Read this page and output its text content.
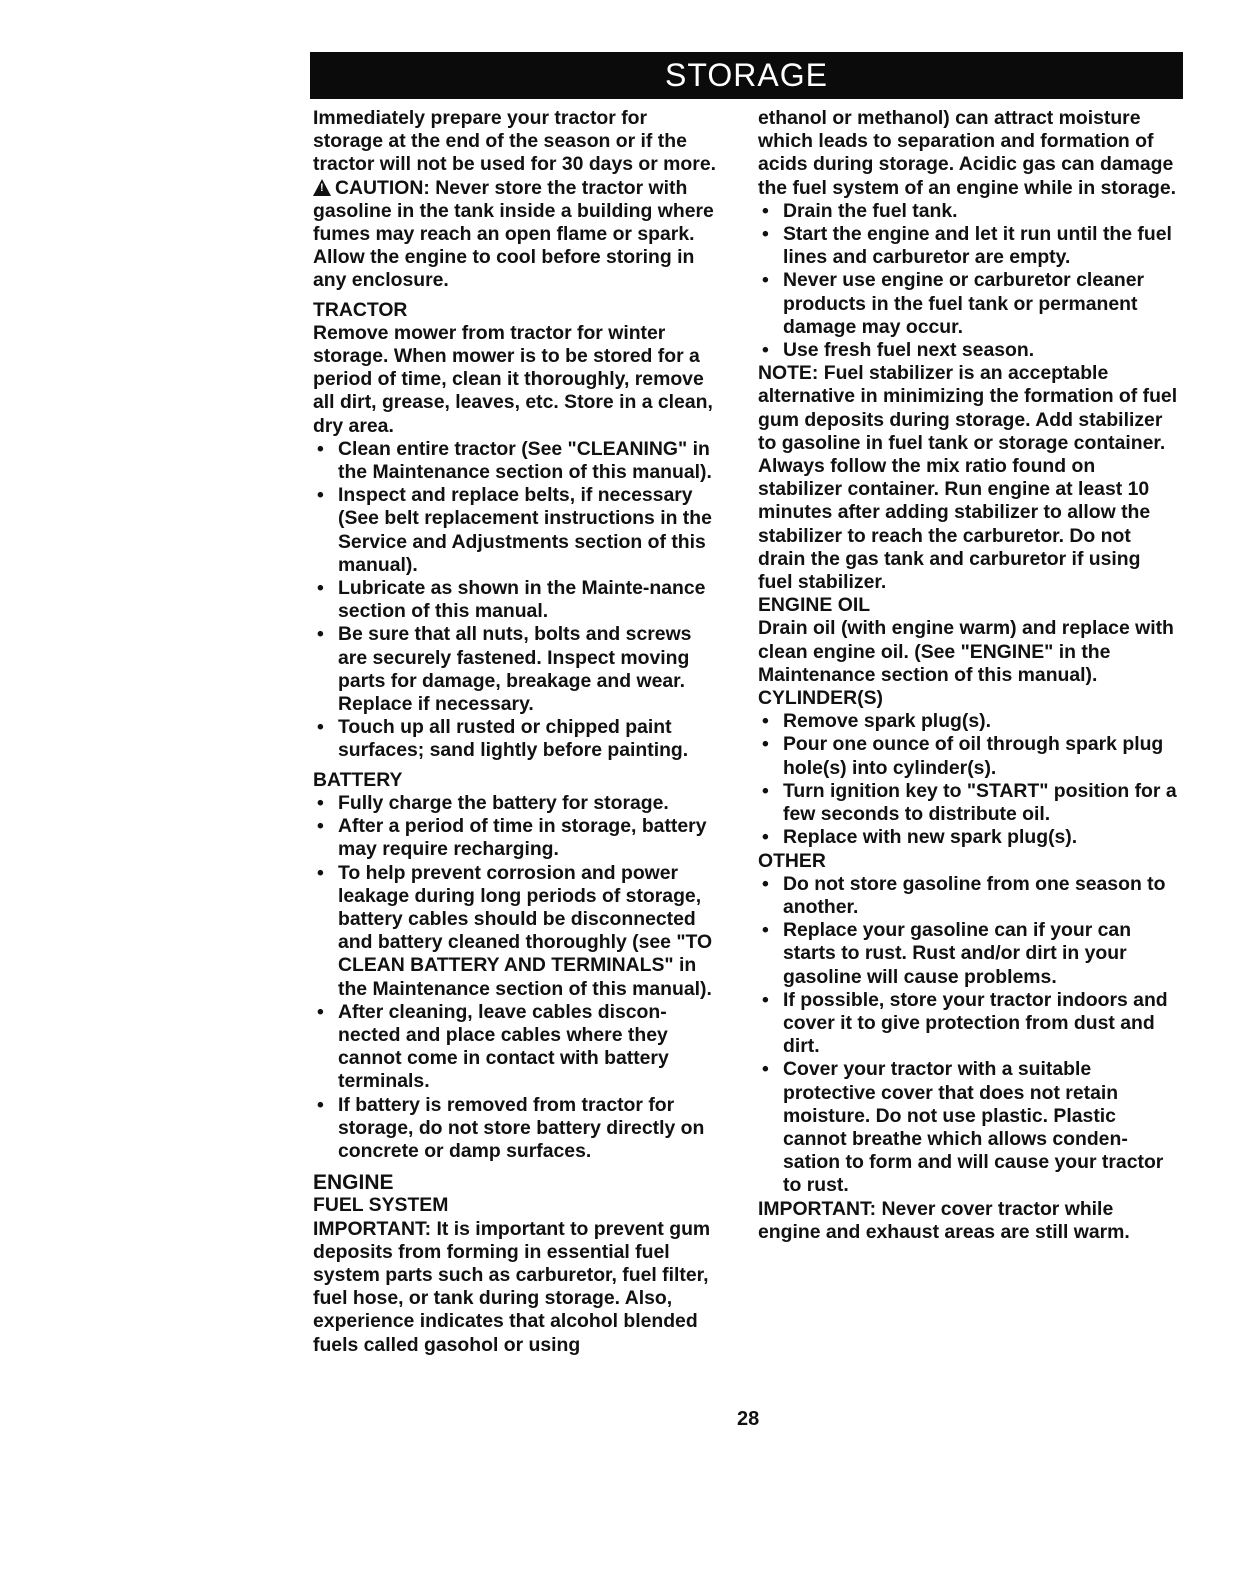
STORAGE

Immediately prepare your tractor for storage at the end of the season or if the tractor will not be used for 30 days or more.

! CAUTION: Never store the tractor with gasoline in the tank inside a building where fumes may reach an open flame or spark. Allow the engine to cool before storing in any enclosure.

TRACTOR

Remove mower from tractor for winter storage. When mower is to be stored for a period of time, clean it thoroughly, remove all dirt, grease, leaves, etc. Store in a clean, dry area.

• Clean entire tractor (See "CLEANING" in the Maintenance section of this manual).
• Inspect and replace belts, if necessary (See belt replacement instructions in the Service and Adjustments section of this manual).
• Lubricate as shown in the Mainte-nance section of this manual.
• Be sure that all nuts, bolts and screws are securely fastened. Inspect moving parts for damage, breakage and wear. Replace if necessary.
• Touch up all rusted or chipped paint surfaces; sand lightly before painting.

BATTERY

• Fully charge the battery for storage.
• After a period of time in storage, battery may require recharging.
• To help prevent corrosion and power leakage during long periods of storage, battery cables should be disconnected and battery cleaned thoroughly (see "TO CLEAN BATTERY AND TERMINALS" in the Maintenance section of this manual).
• After cleaning, leave cables discon-nected and place cables where they cannot come in contact with battery terminals.
• If battery is removed from tractor for storage, do not store battery directly on concrete or damp surfaces.

ENGINE

FUEL SYSTEM

IMPORTANT: It is important to prevent gum deposits from forming in essential fuel system parts such as carburetor, fuel filter, fuel hose, or tank during storage. Also, experience indicates that alcohol blended fuels called gasohol or using

ethanol or methanol) can attract moisture which leads to separation and formation of acids during storage. Acidic gas can damage the fuel system of an engine while in storage.

• Drain the fuel tank.
• Start the engine and let it run until the fuel lines and carburetor are empty.
• Never use engine or carburetor cleaner products in the fuel tank or permanent damage may occur.
• Use fresh fuel next season.

NOTE: Fuel stabilizer is an acceptable alternative in minimizing the formation of fuel gum deposits during storage. Add stabilizer to gasoline in fuel tank or storage container. Always follow the mix ratio found on stabilizer container. Run engine at least 10 minutes after adding stabilizer to allow the stabilizer to reach the carburetor. Do not drain the gas tank and carburetor if using fuel stabilizer.

ENGINE OIL

Drain oil (with engine warm) and replace with clean engine oil. (See "ENGINE" in the Maintenance section of this manual).

CYLINDER(S)

• Remove spark plug(s).
• Pour one ounce of oil through spark plug hole(s) into cylinder(s).
• Turn ignition key to "START" position for a few seconds to distribute oil.
• Replace with new spark plug(s).

OTHER

• Do not store gasoline from one season to another.
• Replace your gasoline can if your can starts to rust. Rust and/or dirt in your gasoline will cause problems.
• If possible, store your tractor indoors and cover it to give protection from dust and dirt.
• Cover your tractor with a suitable protective cover that does not retain moisture. Do not use plastic. Plastic cannot breathe which allows conden-sation to form and will cause your tractor to rust.

IMPORTANT: Never cover tractor while engine and exhaust areas are still warm.

28
